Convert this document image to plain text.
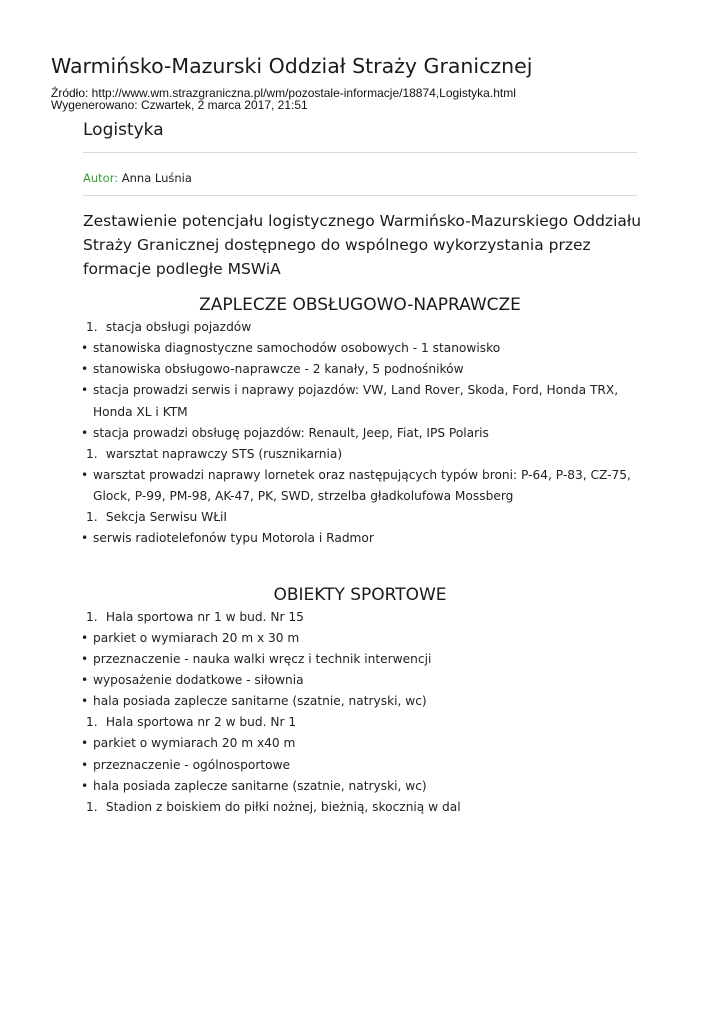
Warmińsko-Mazurski Oddział Straży Granicznej
Źródło: http://www.wm.strazgraniczna.pl/wm/pozostale-informacje/18874,Logistyka.html
Wygenerowano: Czwartek, 2 marca 2017, 21:51
Logistyka
Autor: Anna Luśnia
Zestawienie potencjału logistycznego Warmińsko-Mazurskiego Oddziału
Straży Granicznej dostępnego do wspólnego wykorzystania przez
formacje podległe MSWiA
ZAPLECZE OBSŁUGOWO-NAPRAWCZE
1. stacja obsługi pojazdów
• stanowiska diagnostyczne samochodów osobowych - 1 stanowisko
• stanowiska obsługowo-naprawcze - 2 kanały, 5 podnośników
• stacja prowadzi serwis i naprawy pojazdów: VW, Land Rover, Skoda, Ford, Honda TRX,
Honda XL i KTM
• stacja prowadzi obsługę pojazdów: Renault, Jeep, Fiat, IPS Polaris
1. warsztat naprawczy STS (rusznikarnia)
• warsztat prowadzi naprawy lornetek oraz następujących typów broni: P-64, P-83, CZ-75,
Glock, P-99, PM-98, AK-47, PK, SWD, strzelba gładkolufowa Mossberg
1. Sekcja Serwisu WŁiI
• serwis radiotelefonów typu Motorola i Radmor
OBIEKTY SPORTOWE
1. Hala sportowa nr 1 w bud. Nr 15
• parkiet o wymiarach 20 m x 30 m
• przeznaczenie - nauka walki wręcz i technik interwencji
• wyposażenie dodatkowe - siłownia
• hala posiada zaplecze sanitarne (szatnie, natryski, wc)
1. Hala sportowa nr 2 w bud. Nr 1
• parkiet o wymiarach 20 m x40 m
• przeznaczenie - ogólnosportowe
• hala posiada zaplecze sanitarne (szatnie, natryski, wc)
1. Stadion z boiskiem do piłki nożnej, bieżnią, skocznią w dal
